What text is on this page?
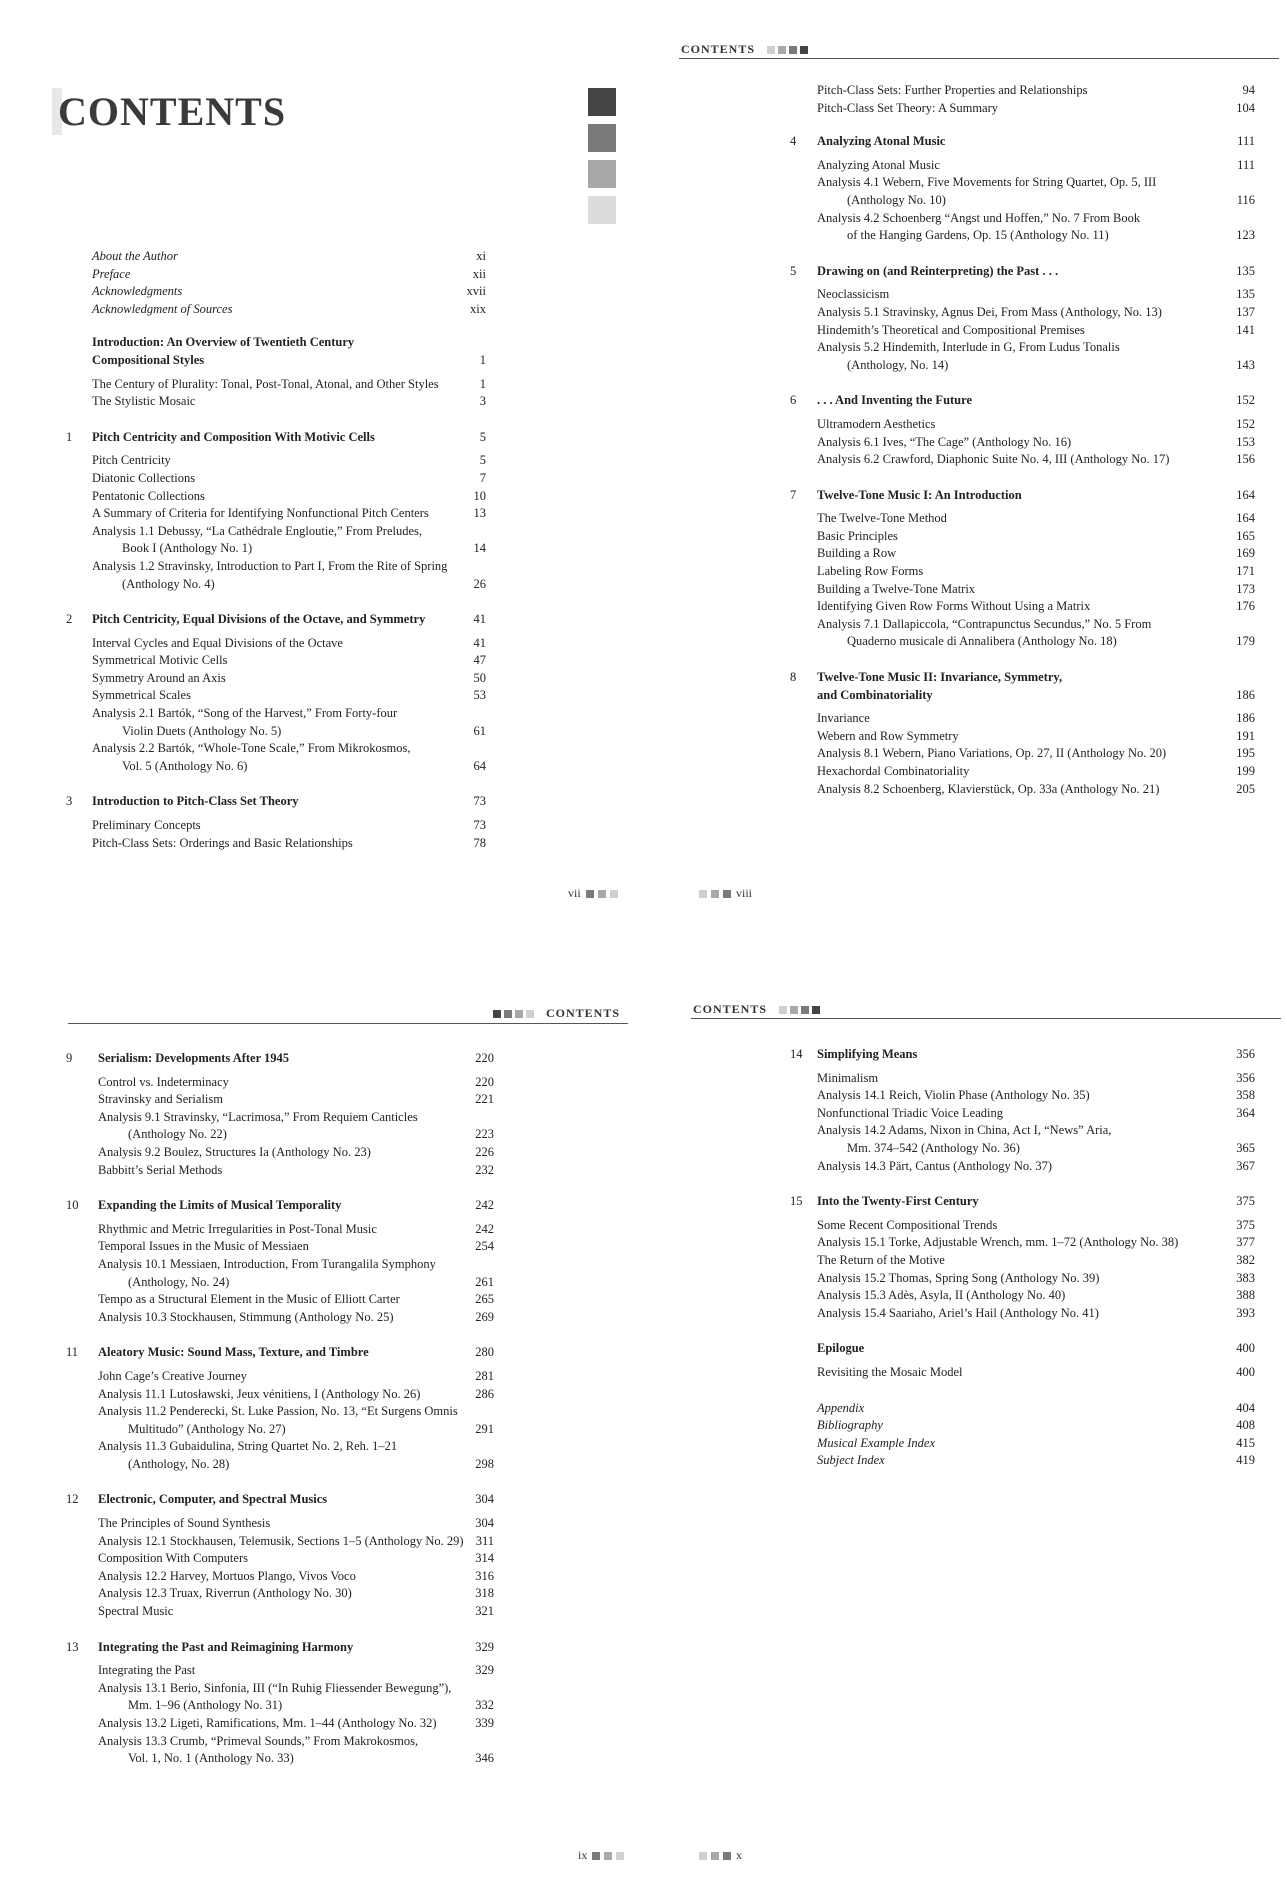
CONTENTS
About the Author	xi
Preface	xii
Acknowledgments	xvii
Acknowledgment of Sources	xix
Introduction: An Overview of Twentieth Century
Compositional Styles	1
The Century of Plurality: Tonal, Post-Tonal, Atonal, and Other Styles	1
The Stylistic Mosaic	3
1 Pitch Centricity and Composition With Motivic Cells	5
Pitch Centricity	5
Diatonic Collections	7
Pentatonic Collections	10
A Summary of Criteria for Identifying Nonfunctional Pitch Centers	13
Analysis 1.1 Debussy, “La Cathédrale Engloutie,” From Preludes,
Book I (Anthology No. 1)	14
Analysis 1.2 Stravinsky, Introduction to Part I, From the Rite of Spring
(Anthology No. 4)	26
2 Pitch Centricity, Equal Divisions of the Octave, and Symmetry	41
Interval Cycles and Equal Divisions of the Octave	41
Symmetrical Motivic Cells	47
Symmetry Around an Axis	50
Symmetrical Scales	53
Analysis 2.1 Bartók, “Song of the Harvest,” From Forty-four
Violin Duets (Anthology No. 5)	61
Analysis 2.2 Bartók, “Whole-Tone Scale,” From Mikrokosmos,
Vol. 5 (Anthology No. 6)	64
3 Introduction to Pitch-Class Set Theory	73
Preliminary Concepts	73
Pitch-Class Sets: Orderings and Basic Relationships	78
vii
CONTENTS
Pitch-Class Sets: Further Properties and Relationships	94
Pitch-Class Set Theory: A Summary	104
4 Analyzing Atonal Music	111
Analyzing Atonal Music	111
Analysis 4.1 Webern, Five Movements for String Quartet, Op. 5, III
(Anthology No. 10)	116
Analysis 4.2 Schoenberg “Angst und Hoffen,” No. 7 From Book
of the Hanging Gardens, Op. 15 (Anthology No. 11)	123
5 Drawing on (and Reinterpreting) the Past . . .	135
Neoclassicism	135
Analysis 5.1 Stravinsky, Agnus Dei, From Mass (Anthology, No. 13)	137
Hindemith’s Theoretical and Compositional Premises	141
Analysis 5.2 Hindemith, Interlude in G, From Ludus Tonalis
(Anthology, No. 14)	143
6 . . . And Inventing the Future	152
Ultramodern Aesthetics	152
Analysis 6.1 Ives, “The Cage” (Anthology No. 16)	153
Analysis 6.2 Crawford, Diaphonic Suite No. 4, III (Anthology No. 17)	156
7 Twelve-Tone Music I: An Introduction	164
The Twelve-Tone Method	164
Basic Principles	165
Building a Row	169
Labeling Row Forms	171
Building a Twelve-Tone Matrix	173
Identifying Given Row Forms Without Using a Matrix	176
Analysis 7.1 Dallapiccola, “Contrapunctus Secundus,” No. 5 From
Quaderno musicale di Annalibera (Anthology No. 18)	179
8 Twelve-Tone Music II: Invariance, Symmetry,
and Combinatoriality	186
Invariance	186
Webern and Row Symmetry	191
Analysis 8.1 Webern, Piano Variations, Op. 27, II (Anthology No. 20)	195
Hexachordal Combinatoriality	199
Analysis 8.2 Schoenberg, Klavierstück, Op. 33a (Anthology No. 21)	205
viii
CONTENTS
9 Serialism: Developments After 1945	220
Control vs. Indeterminacy	220
Stravinsky and Serialism	221
Analysis 9.1 Stravinsky, “Lacrimosa,” From Requiem Canticles
(Anthology No. 22)	223
Analysis 9.2 Boulez, Structures Ia (Anthology No. 23)	226
Babbitt’s Serial Methods	232
10 Expanding the Limits of Musical Temporality	242
Rhythmic and Metric Irregularities in Post-Tonal Music	242
Temporal Issues in the Music of Messiaen	254
Analysis 10.1 Messiaen, Introduction, From Turangalila Symphony
(Anthology, No. 24)	261
Tempo as a Structural Element in the Music of Elliott Carter	265
Analysis 10.3 Stockhausen, Stimmung (Anthology No. 25)	269
11 Aleatory Music: Sound Mass, Texture, and Timbre	280
John Cage’s Creative Journey	281
Analysis 11.1 Lutosławski, Jeux vénitiens, I (Anthology No. 26)	286
Analysis 11.2 Penderecki, St. Luke Passion, No. 13, “Et Surgens Omnis
Multitudo” (Anthology No. 27)	291
Analysis 11.3 Gubaidulina, String Quartet No. 2, Reh. 1–21
(Anthology, No. 28)	298
12 Electronic, Computer, and Spectral Musics	304
The Principles of Sound Synthesis	304
Analysis 12.1 Stockhausen, Telemusik, Sections 1–5 (Anthology No. 29) 311
Composition With Computers	314
Analysis 12.2 Harvey, Mortuos Plango, Vivos Voco	316
Analysis 12.3 Truax, Riverrun (Anthology No. 30)	318
Spectral Music	321
13 Integrating the Past and Reimagining Harmony	329
Integrating the Past	329
Analysis 13.1 Berio, Sinfonia, III (“In Ruhig Fliessender Bewegung”),
Mm. 1–96 (Anthology No. 31)	332
Analysis 13.2 Ligeti, Ramifications, Mm. 1–44 (Anthology No. 32)	339
Analysis 13.3 Crumb, “Primeval Sounds,” From Makrokosmos,
Vol. 1, No. 1 (Anthology No. 33)	346
ix
CONTENTS
14 Simplifying Means	356
Minimalism	356
Analysis 14.1 Reich, Violin Phase (Anthology No. 35)	358
Nonfunctional Triadic Voice Leading	364
Analysis 14.2 Adams, Nixon in China, Act I, “News” Aria,
Mm. 374–542 (Anthology No. 36)	365
Analysis 14.3 Pärt, Cantus (Anthology No. 37)	367
15 Into the Twenty-First Century	375
Some Recent Compositional Trends	375
Analysis 15.1 Torke, Adjustable Wrench, mm. 1–72 (Anthology No. 38)	377
The Return of the Motive	382
Analysis 15.2 Thomas, Spring Song (Anthology No. 39)	383
Analysis 15.3 Adès, Asyla, II (Anthology No. 40)	388
Analysis 15.4 Saariaho, Ariel’s Hail (Anthology No. 41)	393
Epilogue	400
Revisiting the Mosaic Model	400
Appendix	404
Bibliography	408
Musical Example Index	415
Subject Index	419
x
